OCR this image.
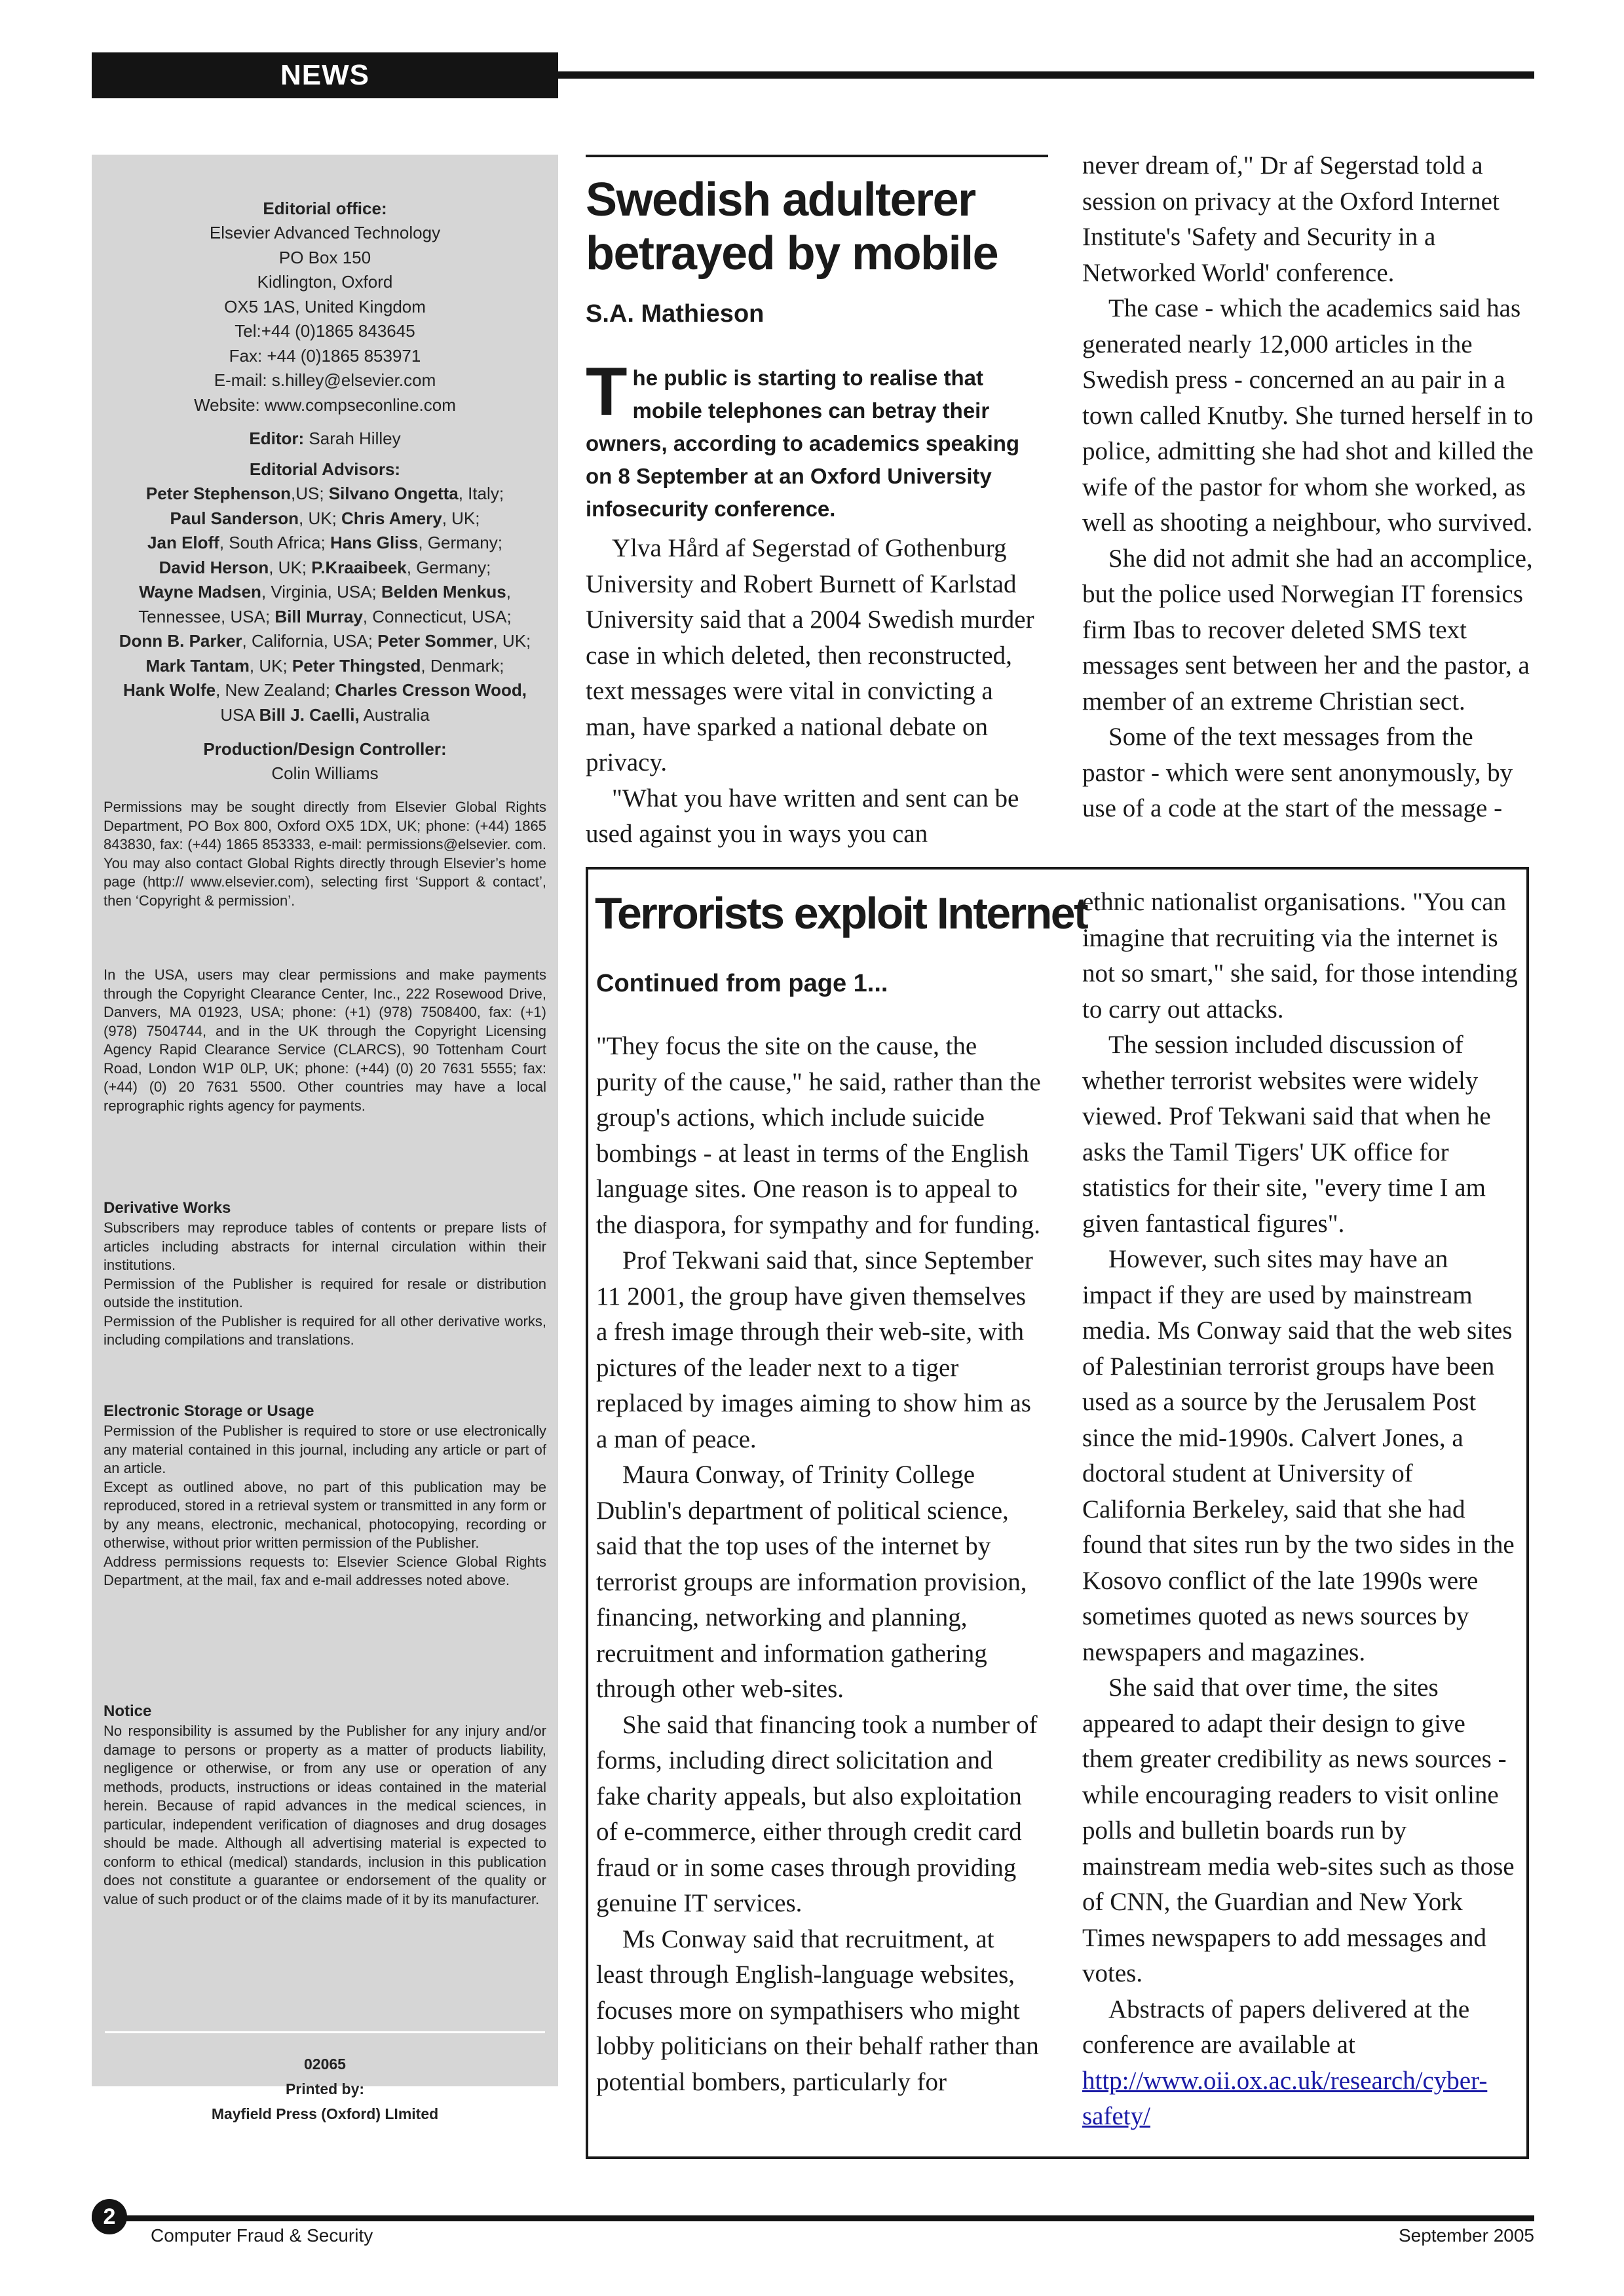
NEWS
Editorial office:
Elsevier Advanced Technology
PO Box 150
Kidlington, Oxford
OX5 1AS, United Kingdom
Tel:+44 (0)1865 843645
Fax: +44 (0)1865 853971
E-mail: s.hilley@elsevier.com
Website: www.compseconline.com
Editor: Sarah Hilley
Editorial Advisors:
Peter Stephenson,US; Silvano Ongetta, Italy;
Paul Sanderson, UK; Chris Amery, UK;
Jan Eloff, South Africa; Hans Gliss, Germany;
David Herson, UK; P.Kraaibeek, Germany;
Wayne Madsen, Virginia, USA; Belden Menkus,
Tennessee, USA; Bill Murray, Connecticut, USA;
Donn B. Parker, California, USA; Peter Sommer, UK;
Mark Tantam, UK; Peter Thingsted, Denmark;
Hank Wolfe, New Zealand; Charles Cresson Wood,
USA Bill J. Caelli, Australia
Production/Design Controller:
Colin Williams
Permissions may be sought directly from Elsevier Global Rights Department, PO Box 800, Oxford OX5 1DX, UK; phone: (+44) 1865 843830, fax: (+44) 1865 853333, e-mail: permissions@elsevier. com. You may also contact Global Rights directly through Elsevier’s home page (http:// www.elsevier.com), selecting first ‘Support & contact’, then ‘Copyright & permission’.
In the USA, users may clear permissions and make payments through the Copyright Clearance Center, Inc., 222 Rosewood Drive, Danvers, MA 01923, USA; phone: (+1) (978) 7508400, fax: (+1) (978) 7504744, and in the UK through the Copyright Licensing Agency Rapid Clearance Service (CLARCS), 90 Tottenham Court Road, London W1P 0LP, UK; phone: (+44) (0) 20 7631 5555; fax: (+44) (0) 20 7631 5500. Other countries may have a local reprographic rights agency for payments.
Derivative Works
Subscribers may reproduce tables of contents or prepare lists of articles including abstracts for internal circulation within their institutions.
Permission of the Publisher is required for resale or distribution outside the institution.
Permission of the Publisher is required for all other derivative works, including compilations and translations.
Electronic Storage or Usage
Permission of the Publisher is required to store or use electronically any material contained in this journal, including any article or part of an article.
Except as outlined above, no part of this publication may be reproduced, stored in a retrieval system or transmitted in any form or by any means, electronic, mechanical, photocopying, recording or otherwise, without prior written permission of the Publisher.
Address permissions requests to: Elsevier Science Global Rights Department, at the mail, fax and e-mail addresses noted above.
Notice
No responsibility is assumed by the Publisher for any injury and/or damage to persons or property as a matter of products liability, negligence or otherwise, or from any use or operation of any methods, products, instructions or ideas contained in the material herein. Because of rapid advances in the medical sciences, in particular, independent verification of diagnoses and drug dosages should be made. Although all advertising material is expected to conform to ethical (medical) standards, inclusion in this publication does not constitute a guarantee or endorsement of the quality or value of such product or of the claims made of it by its manufacturer.
02065
Printed by:
Mayfield Press (Oxford) LImited
Swedish adulterer
betrayed by mobile
S.A. Mathieson
The public is starting to realise that mobile telephones can betray their owners, according to academics speaking on 8 September at an Oxford University infosecurity conference.

Ylva Hård af Segerstad of Gothenburg University and Robert Burnett of Karlstad University said that a 2004 Swedish murder case in which deleted, then reconstructed, text messages were vital in convicting a man, have sparked a national debate on privacy.

"What you have written and sent can be used against you in ways you can

never dream of," Dr af Segerstad told a session on privacy at the Oxford Internet Institute's 'Safety and Security in a Networked World' conference.

The case - which the academics said has generated nearly 12,000 articles in the Swedish press - concerned an au pair in a town called Knutby. She turned herself in to police, admitting she had shot and killed the wife of the pastor for whom she worked, as well as shooting a neighbour, who survived.

She did not admit she had an accomplice, but the police used Norwegian IT forensics firm Ibas to recover deleted SMS text messages sent between her and the pastor, a member of an extreme Christian sect.

Some of the text messages from the pastor - which were sent anonymously, by use of a code at the start of the message -

Terrorists exploit Internet
Continued from page 1...

"They focus the site on the cause, the purity of the cause," he said, rather than the group's actions, which include suicide bombings - at least in terms of the English language sites. One reason is to appeal to the diaspora, for sympathy and for funding.

Prof Tekwani said that, since September 11 2001, the group have given themselves a fresh image through their web-site, with pictures of the leader next to a tiger replaced by images aiming to show him as a man of peace.

Maura Conway, of Trinity College Dublin's department of political science, said that the top uses of the internet by terrorist groups are information provision, financing, networking and planning, recruitment and information gathering through other web-sites.

She said that financing took a number of forms, including direct solicitation and fake charity appeals, but also exploitation of e-commerce, either through credit card fraud or in some cases through providing genuine IT services.

Ms Conway said that recruitment, at least through English-language websites, focuses more on sympathisers who might lobby politicians on their behalf rather than potential bombers, particularly for

ethnic nationalist organisations. "You can imagine that recruiting via the internet is not so smart," she said, for those intending to carry out attacks.

The session included discussion of whether terrorist websites were widely viewed. Prof Tekwani said that when he asks the Tamil Tigers' UK office for statistics for their site, "every time I am given fantastical figures".

However, such sites may have an impact if they are used by mainstream media. Ms Conway said that the web sites of Palestinian terrorist groups have been used as a source by the Jerusalem Post since the mid-1990s. Calvert Jones, a doctoral student at University of California Berkeley, said that she had found that sites run by the two sides in the Kosovo conflict of the late 1990s were sometimes quoted as news sources by newspapers and magazines.

She said that over time, the sites appeared to adapt their design to give them greater credibility as news sources - while encouraging readers to visit online polls and bulletin boards run by mainstream media web-sites such as those of CNN, the Guardian and New York Times newspapers to add messages and votes.

Abstracts of papers delivered at the conference are available at

http://www.oii.ox.ac.uk/research/cyber-safety/

2
Computer Fraud & Security	September 2005
